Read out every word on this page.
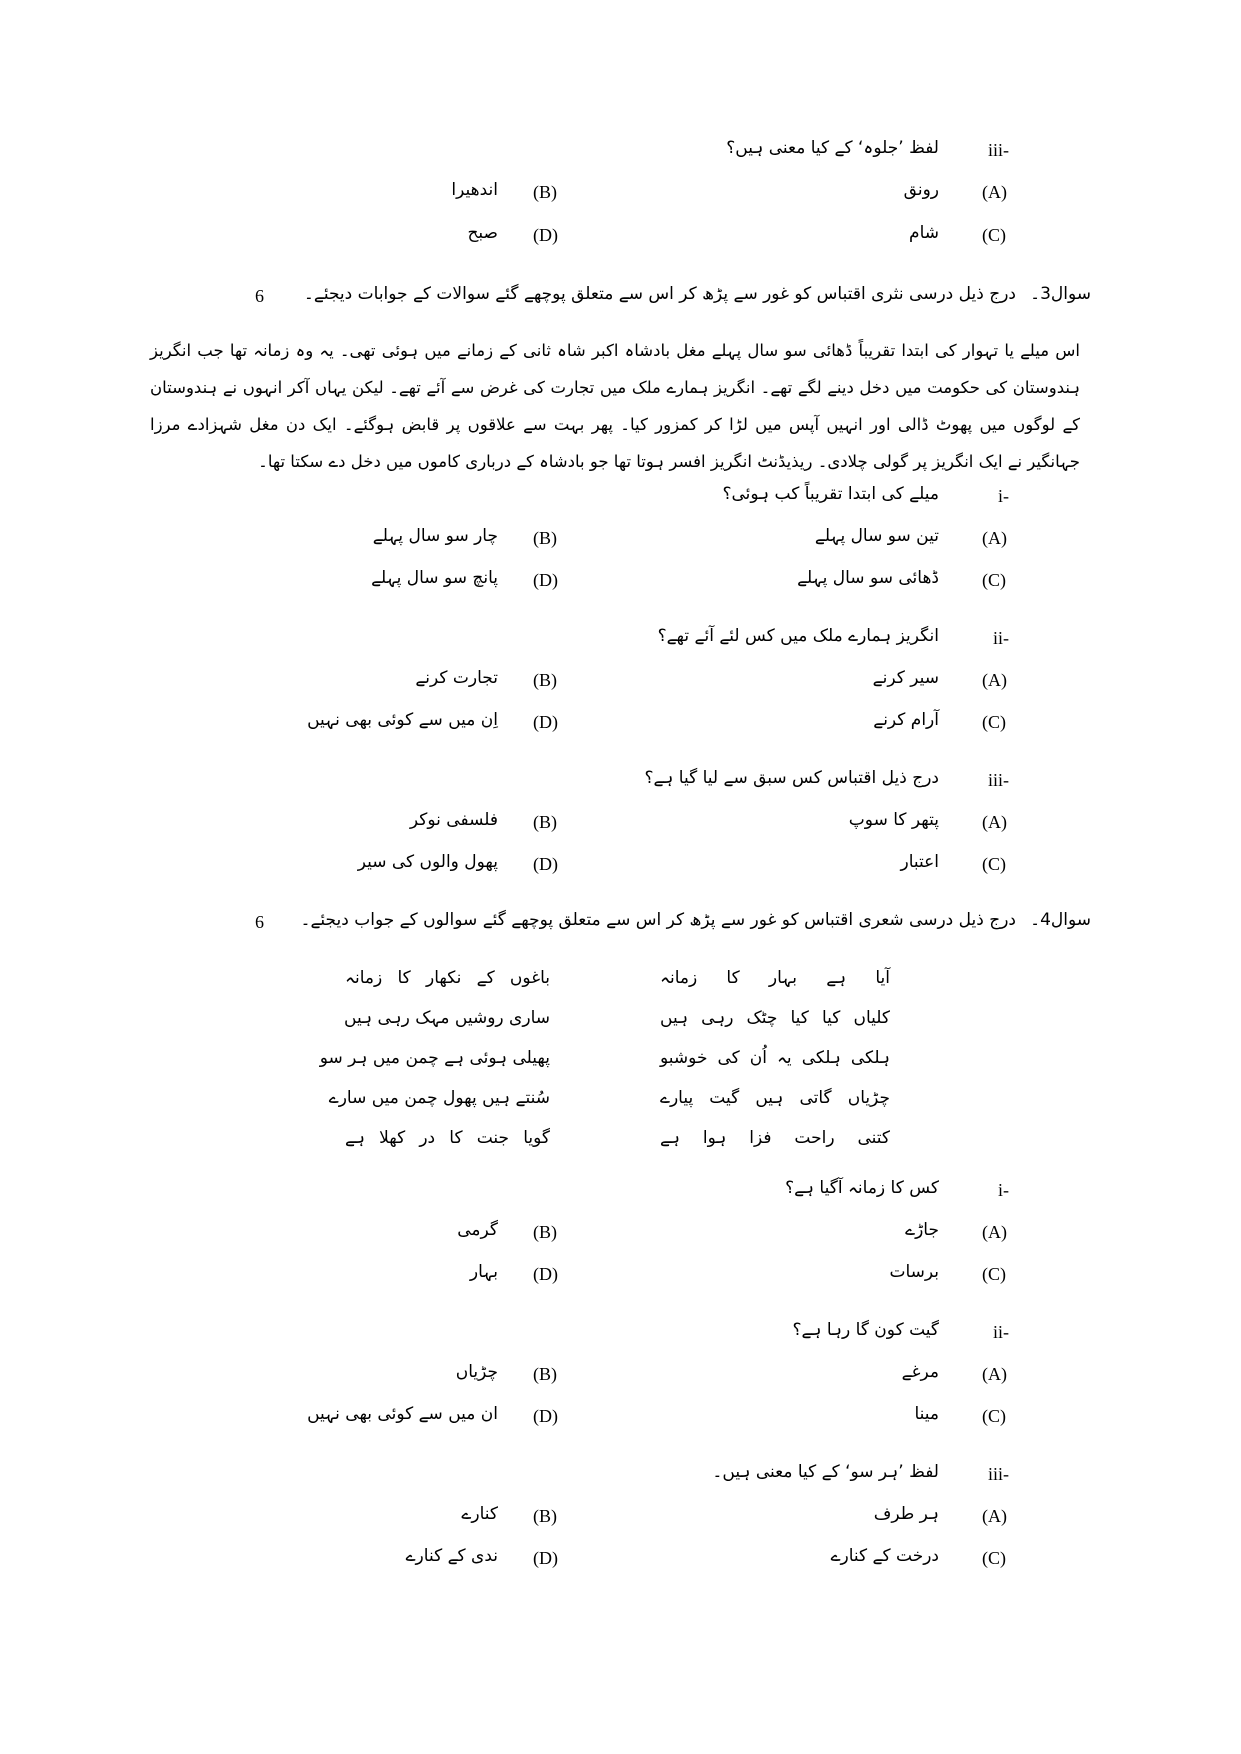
iii-
لفظ ’جلوہ‘ کے کیا معنی ہیں؟
(A)
رونق
(B)
اندھیرا
(C)
شام
(D)
صبح
سوال3۔
درج ذیل درسی نثری اقتباس کو غور سے پڑھ کر اس سے متعلق پوچھے گئے سوالات کے جوابات دیجئے۔
6
اس میلے یا تہوار کی ابتدا تقریباً ڈھائی سو سال پہلے مغل بادشاہ اکبر شاہ ثانی کے زمانے میں ہوئی تھی۔ یہ وہ زمانہ تھا جب انگریز ہندوستان کی حکومت میں دخل دینے لگے تھے۔ انگریز ہمارے ملک میں تجارت کی غرض سے آئے تھے۔ لیکن یہاں آکر انہوں نے ہندوستان کے لوگوں میں پھوٹ ڈالی اور انہیں آپس میں لڑا کر کمزور کیا۔ پھر بہت سے علاقوں پر قابض ہوگئے۔ ایک دن مغل شہزادے مرزا جہانگیر نے ایک انگریز پر گولی چلادی۔ ریذیڈنٹ انگریز افسر ہوتا تھا جو بادشاہ کے درباری کاموں میں دخل دے سکتا تھا۔
i-
میلے کی ابتدا تقریباً کب ہوئی؟
(A)
تین سو سال پہلے
(B)
چار سو سال پہلے
(C)
ڈھائی سو سال پہلے
(D)
پانچ سو سال پہلے
ii-
انگریز ہمارے ملک میں کس لئے آئے تھے؟
(A)
سیر کرنے
(B)
تجارت کرنے
(C)
آرام کرنے
(D)
اِن میں سے کوئی بھی نہیں
iii-
درج ذیل اقتباس کس سبق سے لیا گیا ہے؟
(A)
پتھر کا سوپ
(B)
فلسفی نوکر
(C)
اعتبار
(D)
پھول والوں کی سیر
سوال4۔
درج ذیل درسی شعری اقتباس کو غور سے پڑھ کر اس سے متعلق پوچھے گئے سوالوں کے جواب دیجئے۔
6
آیا ہے بہار کا زمانہ
باغوں کے نکھار کا زمانہ
کلیاں کیا کیا چٹک رہی ہیں
ساری روشیں مہک رہی ہیں
ہلکی ہلکی یہ اُن کی خوشبو
پھیلی ہوئی ہے چمن میں ہر سو
چڑیاں گاتی ہیں گیت پیارے
سُنتے ہیں پھول چمن میں سارے
کتنی راحت فزا ہوا ہے
گویا جنت کا در کھلا ہے
i-
کس کا زمانہ آگیا ہے؟
(A)
جاڑے
(B)
گرمی
(C)
برسات
(D)
بہار
ii-
گیت کون گا رہا ہے؟
(A)
مرغے
(B)
چڑیاں
(C)
مینا
(D)
ان میں سے کوئی بھی نہیں
iii-
لفظ ’ہر سو‘ کے کیا معنی ہیں۔
(A)
ہر طرف
(B)
کنارے
(C)
درخت کے کنارے
(D)
ندی کے کنارے
